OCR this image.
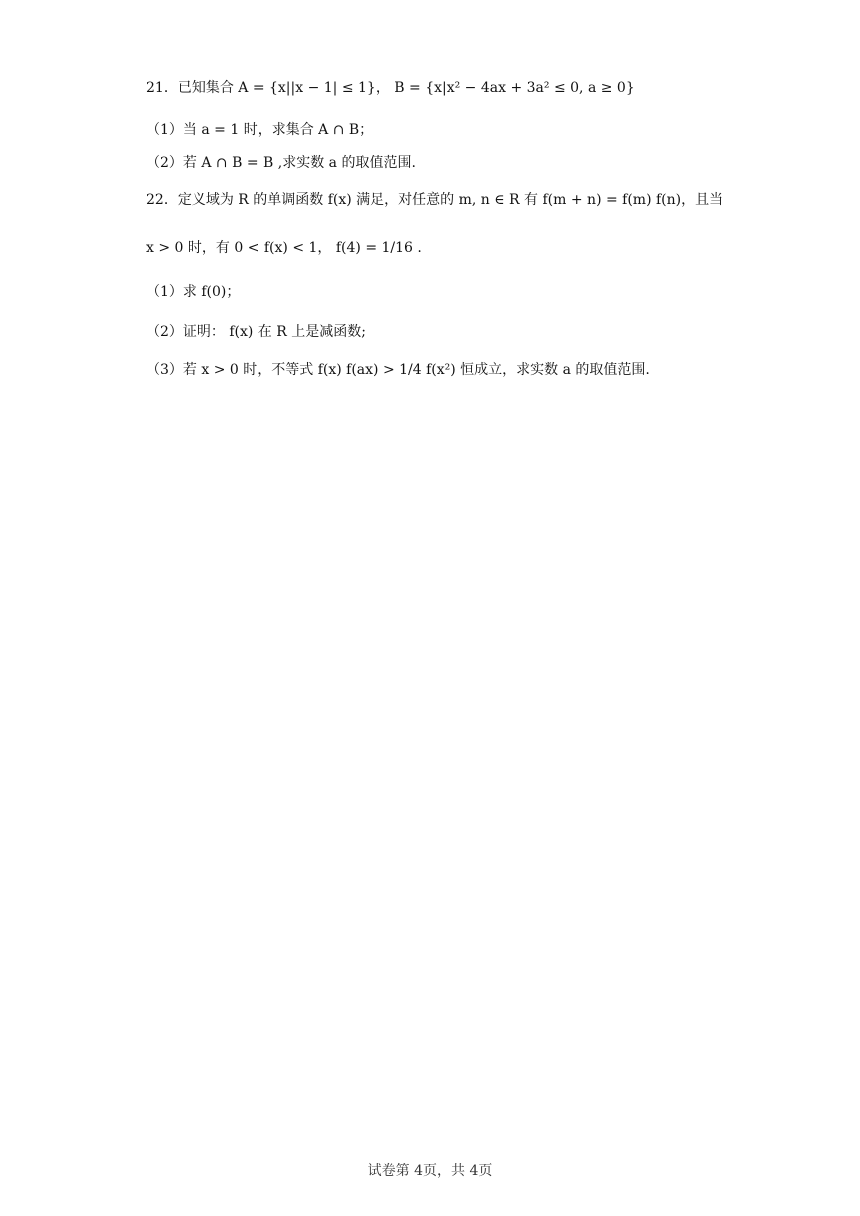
21．已知集合 A = {x||x − 1| ≤ 1}， B = {x|x² − 4ax + 3a² ≤ 0, a ≥ 0}
（1）当 a = 1 时，求集合 A ∩ B；
（2）若 A ∩ B = B ,求实数 a 的取值范围.
22．定义域为 R 的单调函数 f(x) 满足，对任意的 m, n ∈ R 有 f(m + n) = f(m) f(n)，且当
x > 0 时，有 0 < f(x) < 1， f(4) = 1/16 .
（1）求 f(0)；
（2）证明： f(x) 在 R 上是减函数;
（3）若 x > 0 时，不等式 f(x) f(ax) > 1/4 f(x²) 恒成立，求实数 a 的取值范围.
试卷第 4页，共 4页
